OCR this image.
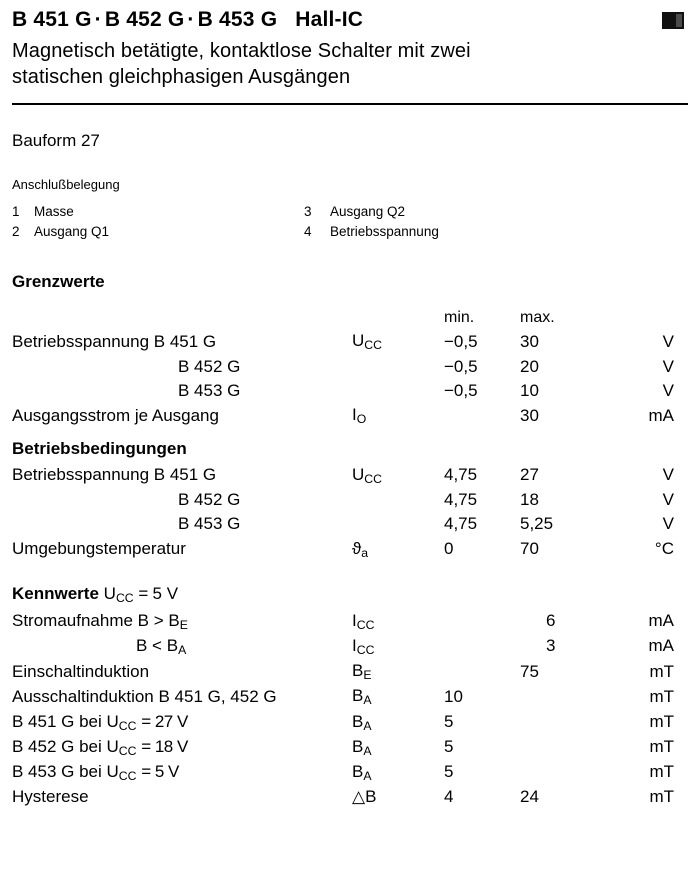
B 451 G · B 452 G · B 453 G Hall-IC
Magnetisch betätigte, kontaktlose Schalter mit zwei
statischen gleichphasigen Ausgängen
Bauform 27
Anschlußbelegung
1	Masse	3	Ausgang Q2
2	Ausgang Q1	4	Betriebsspannung
Grenzwerte
		min.	max.	
Betriebsspannung B 451 G	$U_{CC}$	−0,5	30	V
B 452 G		−0,5	20	V
B 453 G		−0,5	10	V
Ausgangsstrom je Ausgang	$I_O$		30	mA
Betriebsbedingungen
Betriebsspannung B 451 G	$U_{CC}$	4,75	27	V
B 452 G		4,75	18	V
B 453 G		4,75	5,25	V
Umgebungstemperatur	$ϑ_a$	0	70	°C
Kennwerte $U_{CC} = 5$ V
Stromaufnahme $B > B_E$	$I_{CC}$		6	mA
$B < B_A$	$I_{CC}$		3	mA
Einschaltinduktion	$B_E$		75	mT
Ausschaltinduktion B 451 G, 452 G	$B_A$	10		mT
B 451 G bei $U_{CC} = 27$ V	$B_A$	5		mT
B 452 G bei $U_{CC} = 18$ V	$B_A$	5		mT
B 453 G bei $U_{CC} = 5$ V	$B_A$	5		mT
Hysterese	△B	4	24	mT
